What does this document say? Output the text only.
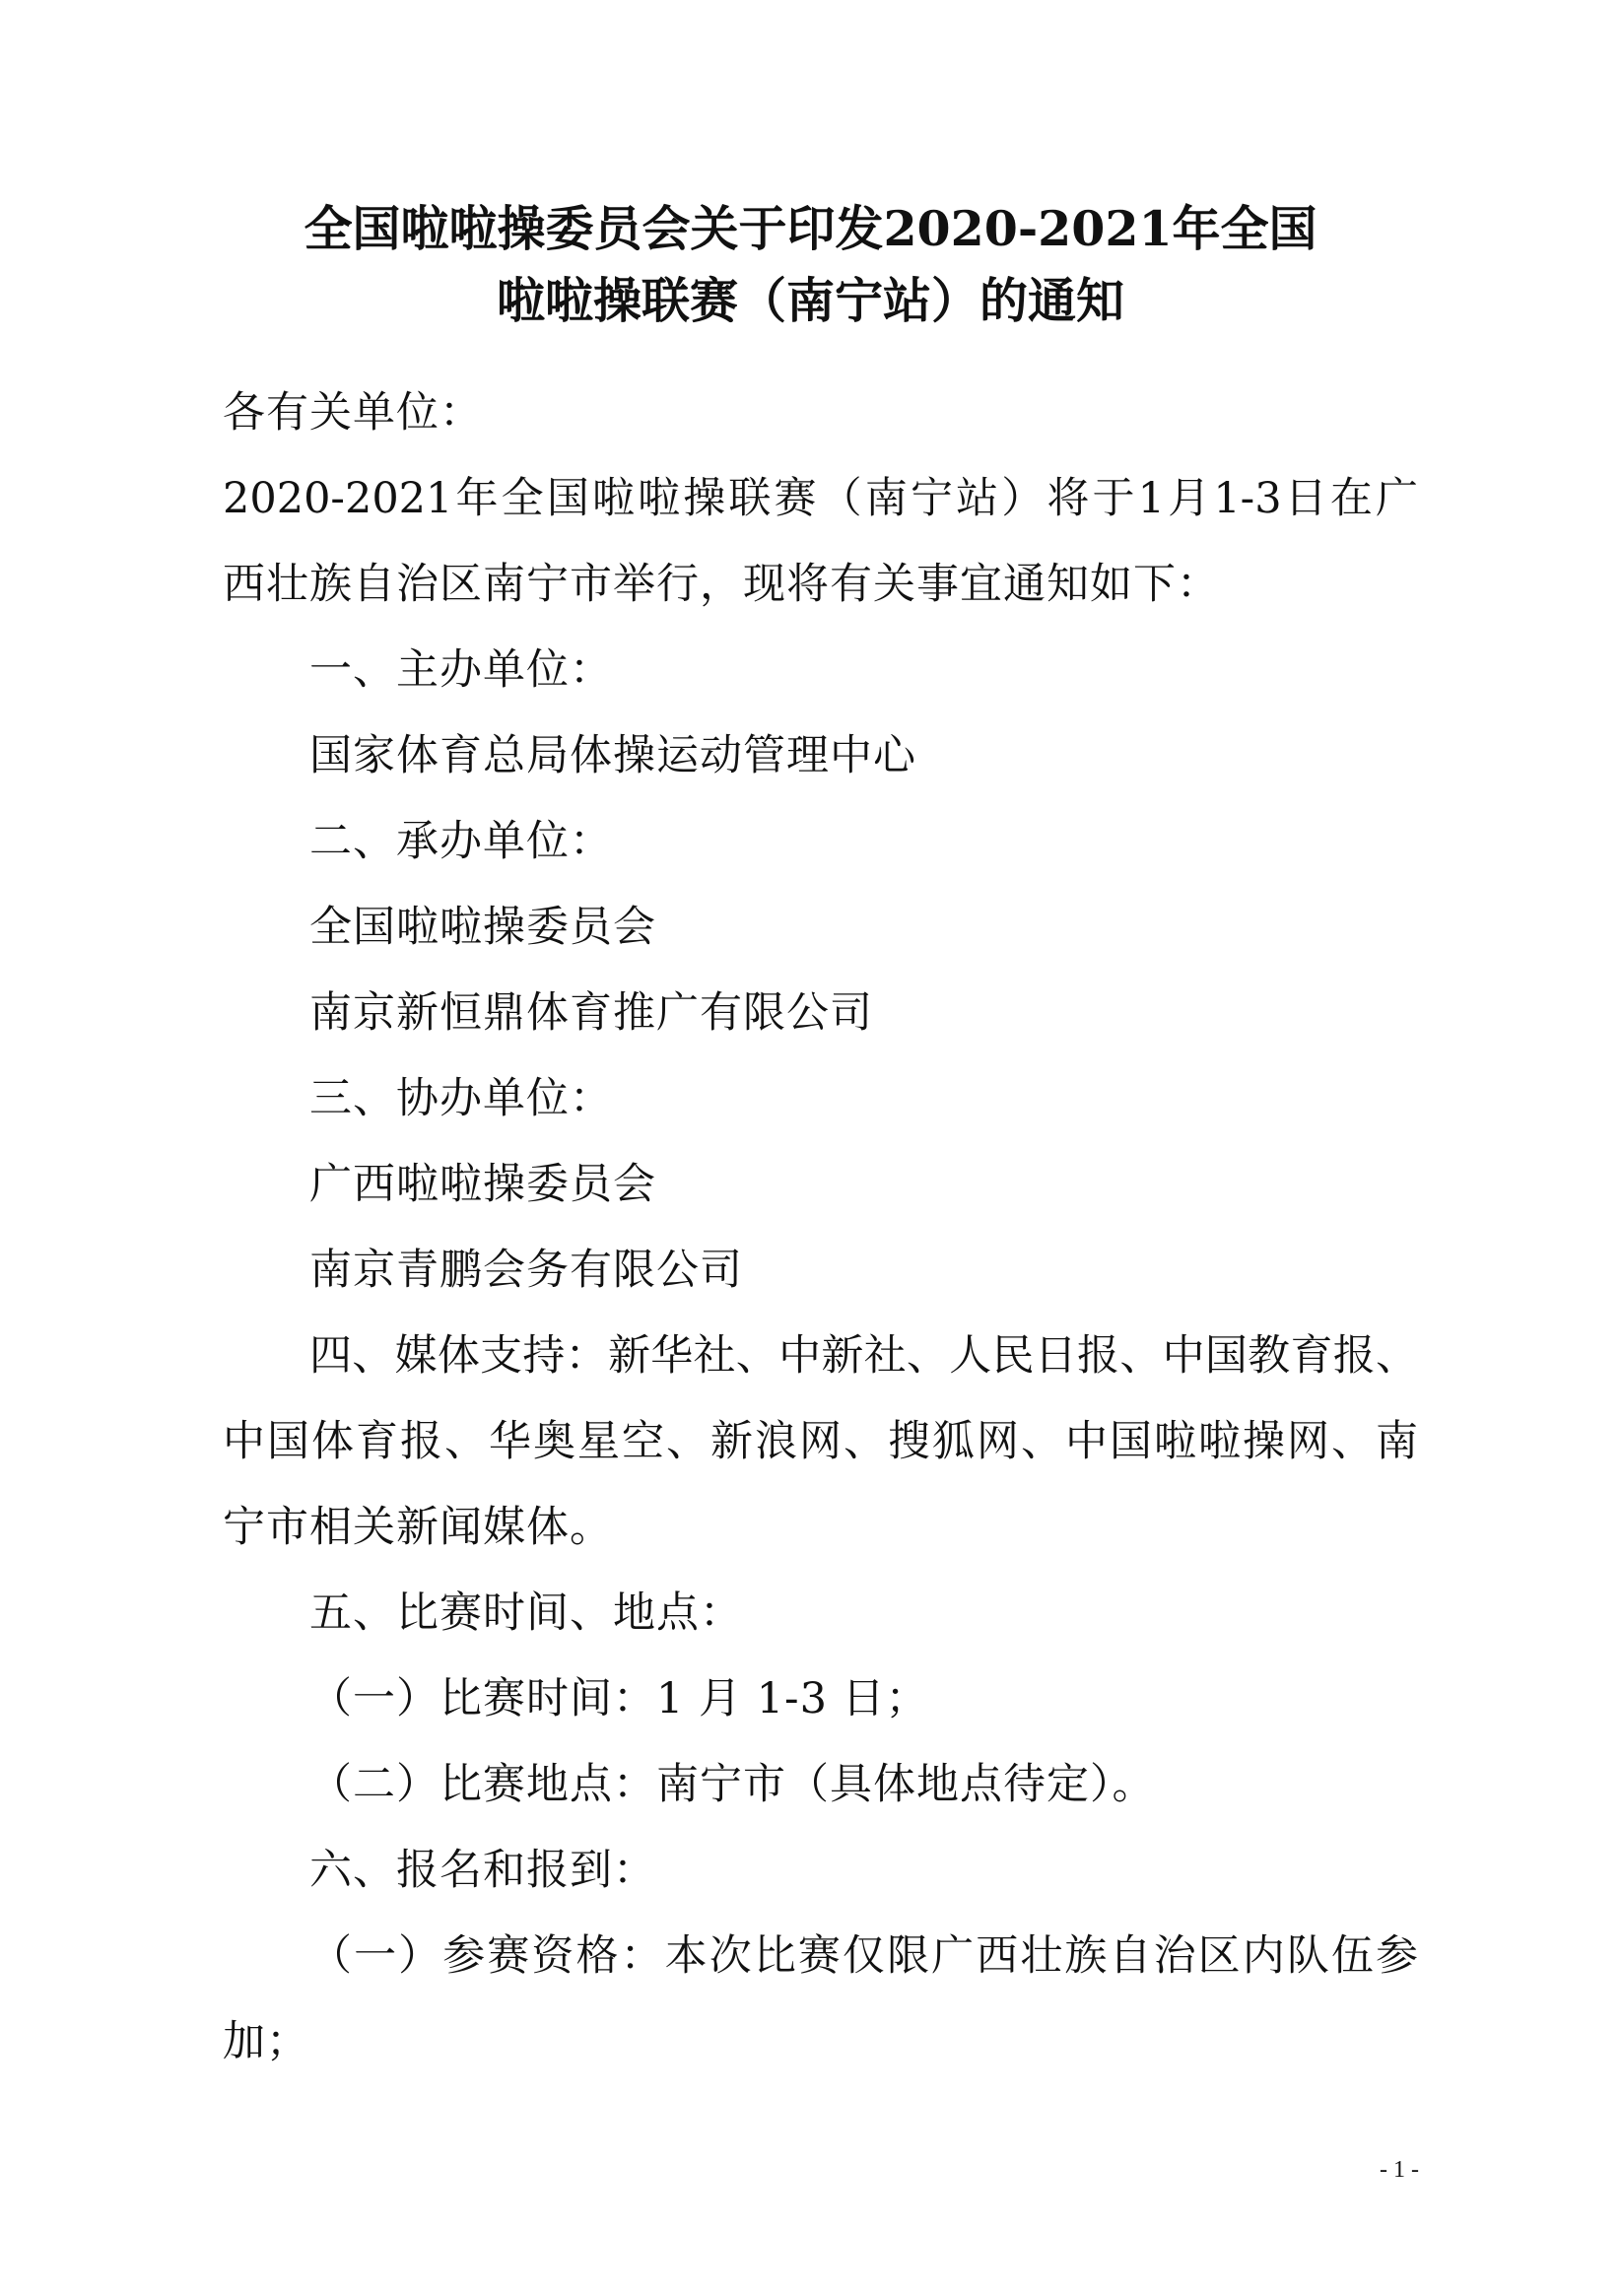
全国啦啦操委员会关于印发2020-2021年全国
啦啦操联赛（南宁站）的通知
各有关单位：
2020-2021年全国啦啦操联赛（南宁站）将于1月1-3日在广
西壮族自治区南宁市举行，现将有关事宜通知如下：
一、主办单位：
国家体育总局体操运动管理中心
二、承办单位：
全国啦啦操委员会
南京新恒鼎体育推广有限公司
三、协办单位：
广西啦啦操委员会
南京青鹏会务有限公司
四、媒体支持：新华社、中新社、人民日报、中国教育报、
中国体育报、华奥星空、新浪网、搜狐网、中国啦啦操网、南
宁市相关新闻媒体。
五、比赛时间、地点：
（一）比赛时间：1 月 1-3 日；
（二）比赛地点：南宁市（具体地点待定）。
六、报名和报到：
（一）参赛资格：本次比赛仅限广西壮族自治区内队伍参
加；
- 1 -
